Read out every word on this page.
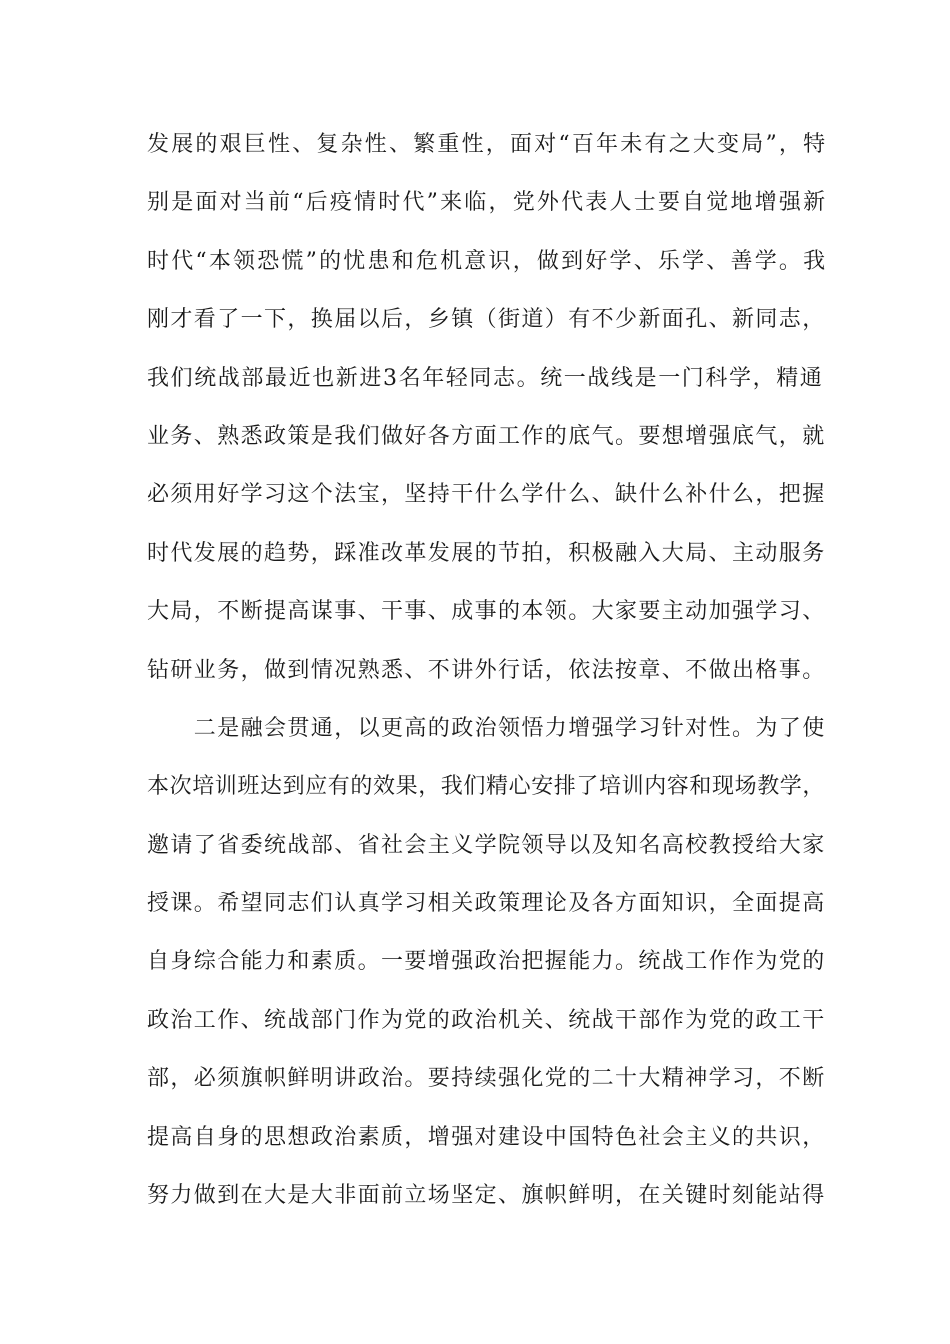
发展的艰巨性、复杂性、繁重性，面对“百年未有之大变局”，特
别是面对当前“后疫情时代”来临，党外代表人士要自觉地增强新
时代“本领恐慌”的忧患和危机意识，做到好学、乐学、善学。我
刚才看了一下，换届以后，乡镇（街道）有不少新面孔、新同志，
我们统战部最近也新进3名年轻同志。统一战线是一门科学，精通
业务、熟悉政策是我们做好各方面工作的底气。要想增强底气，就
必须用好学习这个法宝，坚持干什么学什么、缺什么补什么，把握
时代发展的趋势，踩准改革发展的节拍，积极融入大局、主动服务
大局，不断提高谋事、干事、成事的本领。大家要主动加强学习、
钻研业务，做到情况熟悉、不讲外行话，依法按章、不做出格事。
　　二是融会贯通，以更高的政治领悟力增强学习针对性。为了使
本次培训班达到应有的效果，我们精心安排了培训内容和现场教学，
邀请了省委统战部、省社会主义学院领导以及知名高校教授给大家
授课。希望同志们认真学习相关政策理论及各方面知识，全面提高
自身综合能力和素质。一要增强政治把握能力。统战工作作为党的
政治工作、统战部门作为党的政治机关、统战干部作为党的政工干
部，必须旗帜鲜明讲政治。要持续强化党的二十大精神学习，不断
提高自身的思想政治素质，增强对建设中国特色社会主义的共识，
努力做到在大是大非面前立场坚定、旗帜鲜明，在关键时刻能站得
